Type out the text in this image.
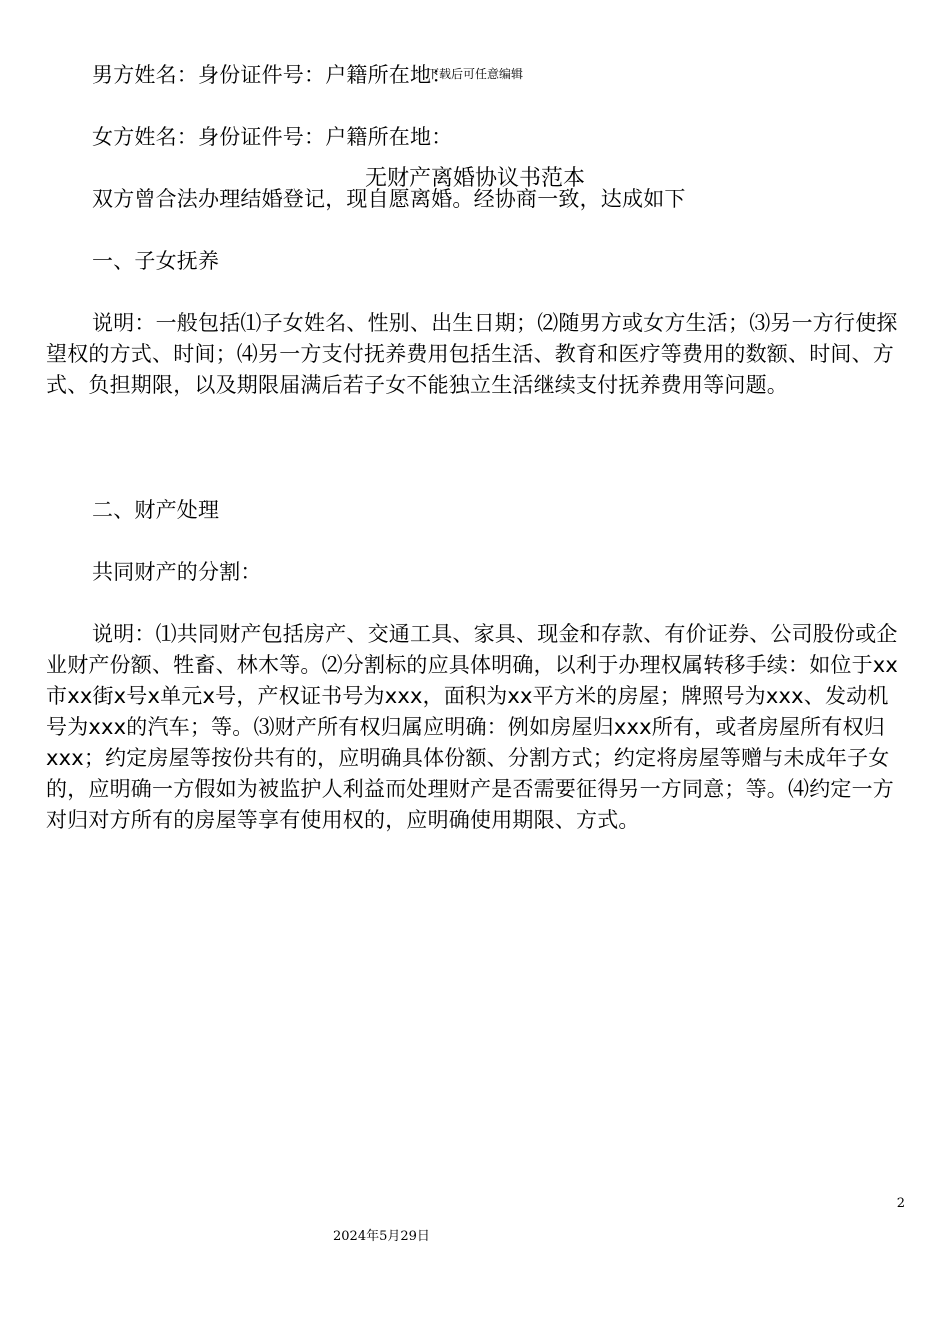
下载后可任意编辑
无财产离婚协议书范本

男方姓名：身份证件号：户籍所在地：

女方姓名：身份证件号：户籍所在地：

双方曾合法办理结婚登记，现自愿离婚。经协商一致，达成如下

一、子女抚养

说明：一般包括⑴子女姓名、性别、出生日期；⑵随男方或女方生活；⑶另一方行使探望权的方式、时间；⑷另一方支付抚养费用包括生活、教育和医疗等费用的数额、时间、方式、负担期限，以及期限届满后若子女不能独立生活继续支付抚养费用等问题。

二、财产处理

共同财产的分割：

说明：⑴共同财产包括房产、交通工具、家具、现金和存款、有价证券、公司股份或企业财产份额、牲畜、林木等。⑵分割标的应具体明确，以利于办理权属转移手续：如位于xx市xx街x号x单元x号，产权证书号为xxx，面积为xx平方米的房屋；牌照号为xxx、发动机号为xxx的汽车；等。⑶财产所有权归属应明确：例如房屋归xxx所有，或者房屋所有权归xxx；约定房屋等按份共有的，应明确具体份额、分割方式；约定将房屋等赠与未成年子女的，应明确一方假如为被监护人利益而处理财产是否需要征得另一方同意；等。⑷约定一方对归对方所有的房屋等享有使用权的，应明确使用期限、方式。

2
2024年5月29日
